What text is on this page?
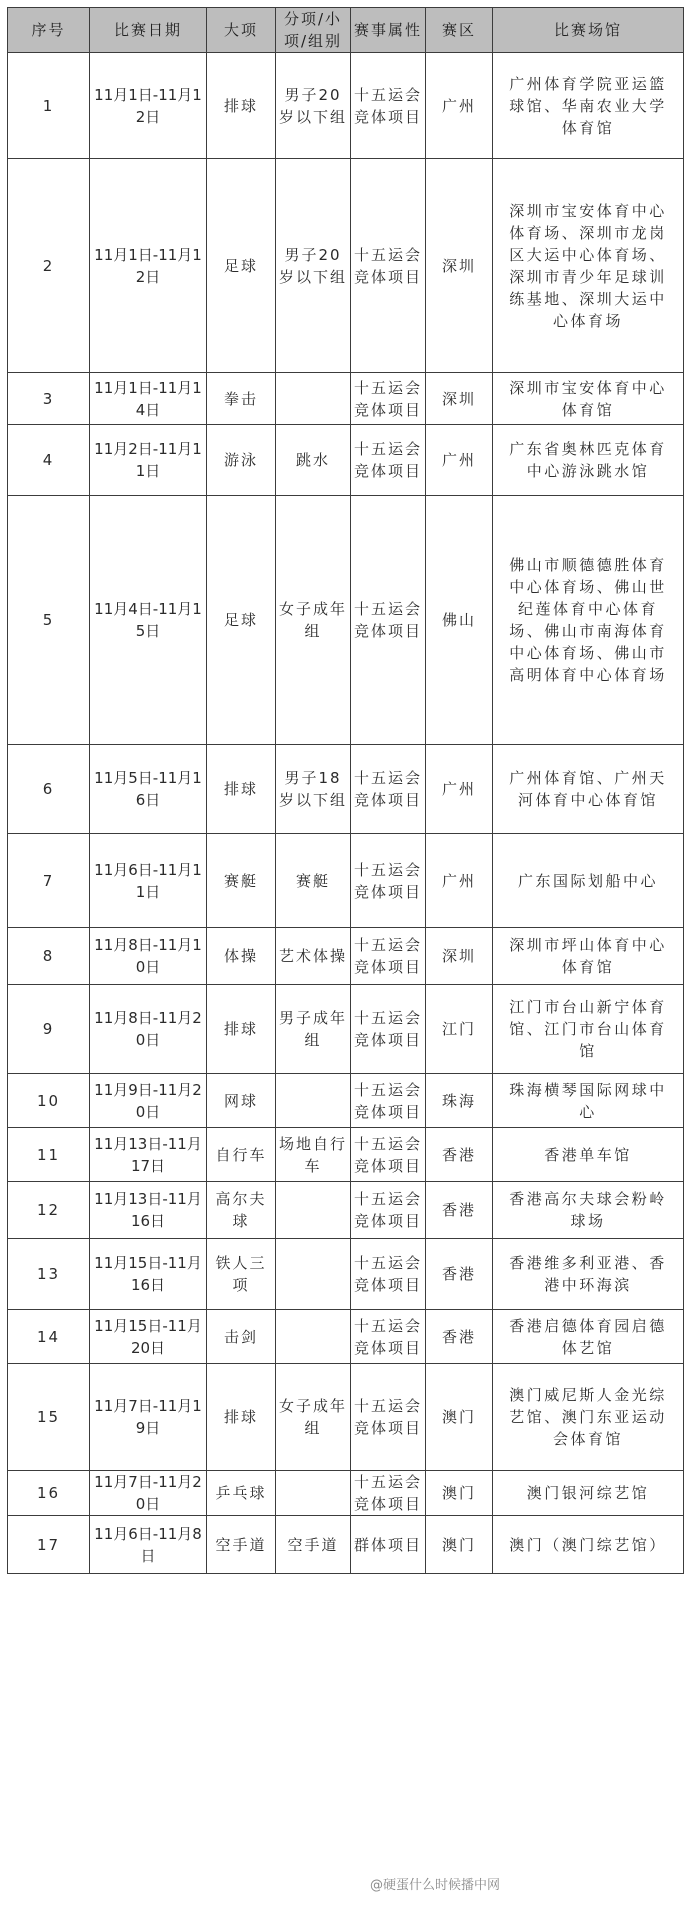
序号	比赛日期	大项	分项/小项/组别	赛事属性	赛区	比赛场馆
1	11月1日-11月12日	排球	男子20岁以下组	十五运会竞体项目	广州	广州体育学院亚运篮球馆、华南农业大学体育馆
2	11月1日-11月12日	足球	男子20岁以下组	十五运会竞体项目	深圳	深圳市宝安体育中心体育场、深圳市龙岗区大运中心体育场、深圳市青少年足球训练基地、深圳大运中心体育场
3	11月1日-11月14日	拳击		十五运会竞体项目	深圳	深圳市宝安体育中心体育馆
4	11月2日-11月11日	游泳	跳水	十五运会竞体项目	广州	广东省奥林匹克体育中心游泳跳水馆
5	11月4日-11月15日	足球	女子成年组	十五运会竞体项目	佛山	佛山市顺德德胜体育中心体育场、佛山世纪莲体育中心体育场、佛山市南海体育中心体育场、佛山市高明体育中心体育场
6	11月5日-11月16日	排球	男子18岁以下组	十五运会竞体项目	广州	广州体育馆、广州天河体育中心体育馆
7	11月6日-11月11日	赛艇	赛艇	十五运会竞体项目	广州	广东国际划船中心
8	11月8日-11月10日	体操	艺术体操	十五运会竞体项目	深圳	深圳市坪山体育中心体育馆
9	11月8日-11月20日	排球	男子成年组	十五运会竞体项目	江门	江门市台山新宁体育馆、江门市台山体育馆
10	11月9日-11月20日	网球		十五运会竞体项目	珠海	珠海横琴国际网球中心
11	11月13日-11月17日	自行车	场地自行车	十五运会竞体项目	香港	香港单车馆
12	11月13日-11月16日	高尔夫球		十五运会竞体项目	香港	香港高尔夫球会粉岭球场
13	11月15日-11月16日	铁人三项		十五运会竞体项目	香港	香港维多利亚港、香港中环海滨
14	11月15日-11月20日	击剑		十五运会竞体项目	香港	香港启德体育园启德体艺馆
15	11月7日-11月19日	排球	女子成年组	十五运会竞体项目	澳门	澳门威尼斯人金光综艺馆、澳门东亚运动会体育馆
16	11月7日-11月20日	乒乓球		十五运会竞体项目	澳门	澳门银河综艺馆
17	11月6日-11月8日	空手道	空手道	群体项目	澳门	澳门（澳门综艺馆）
@硬蛋什么时候播中网
